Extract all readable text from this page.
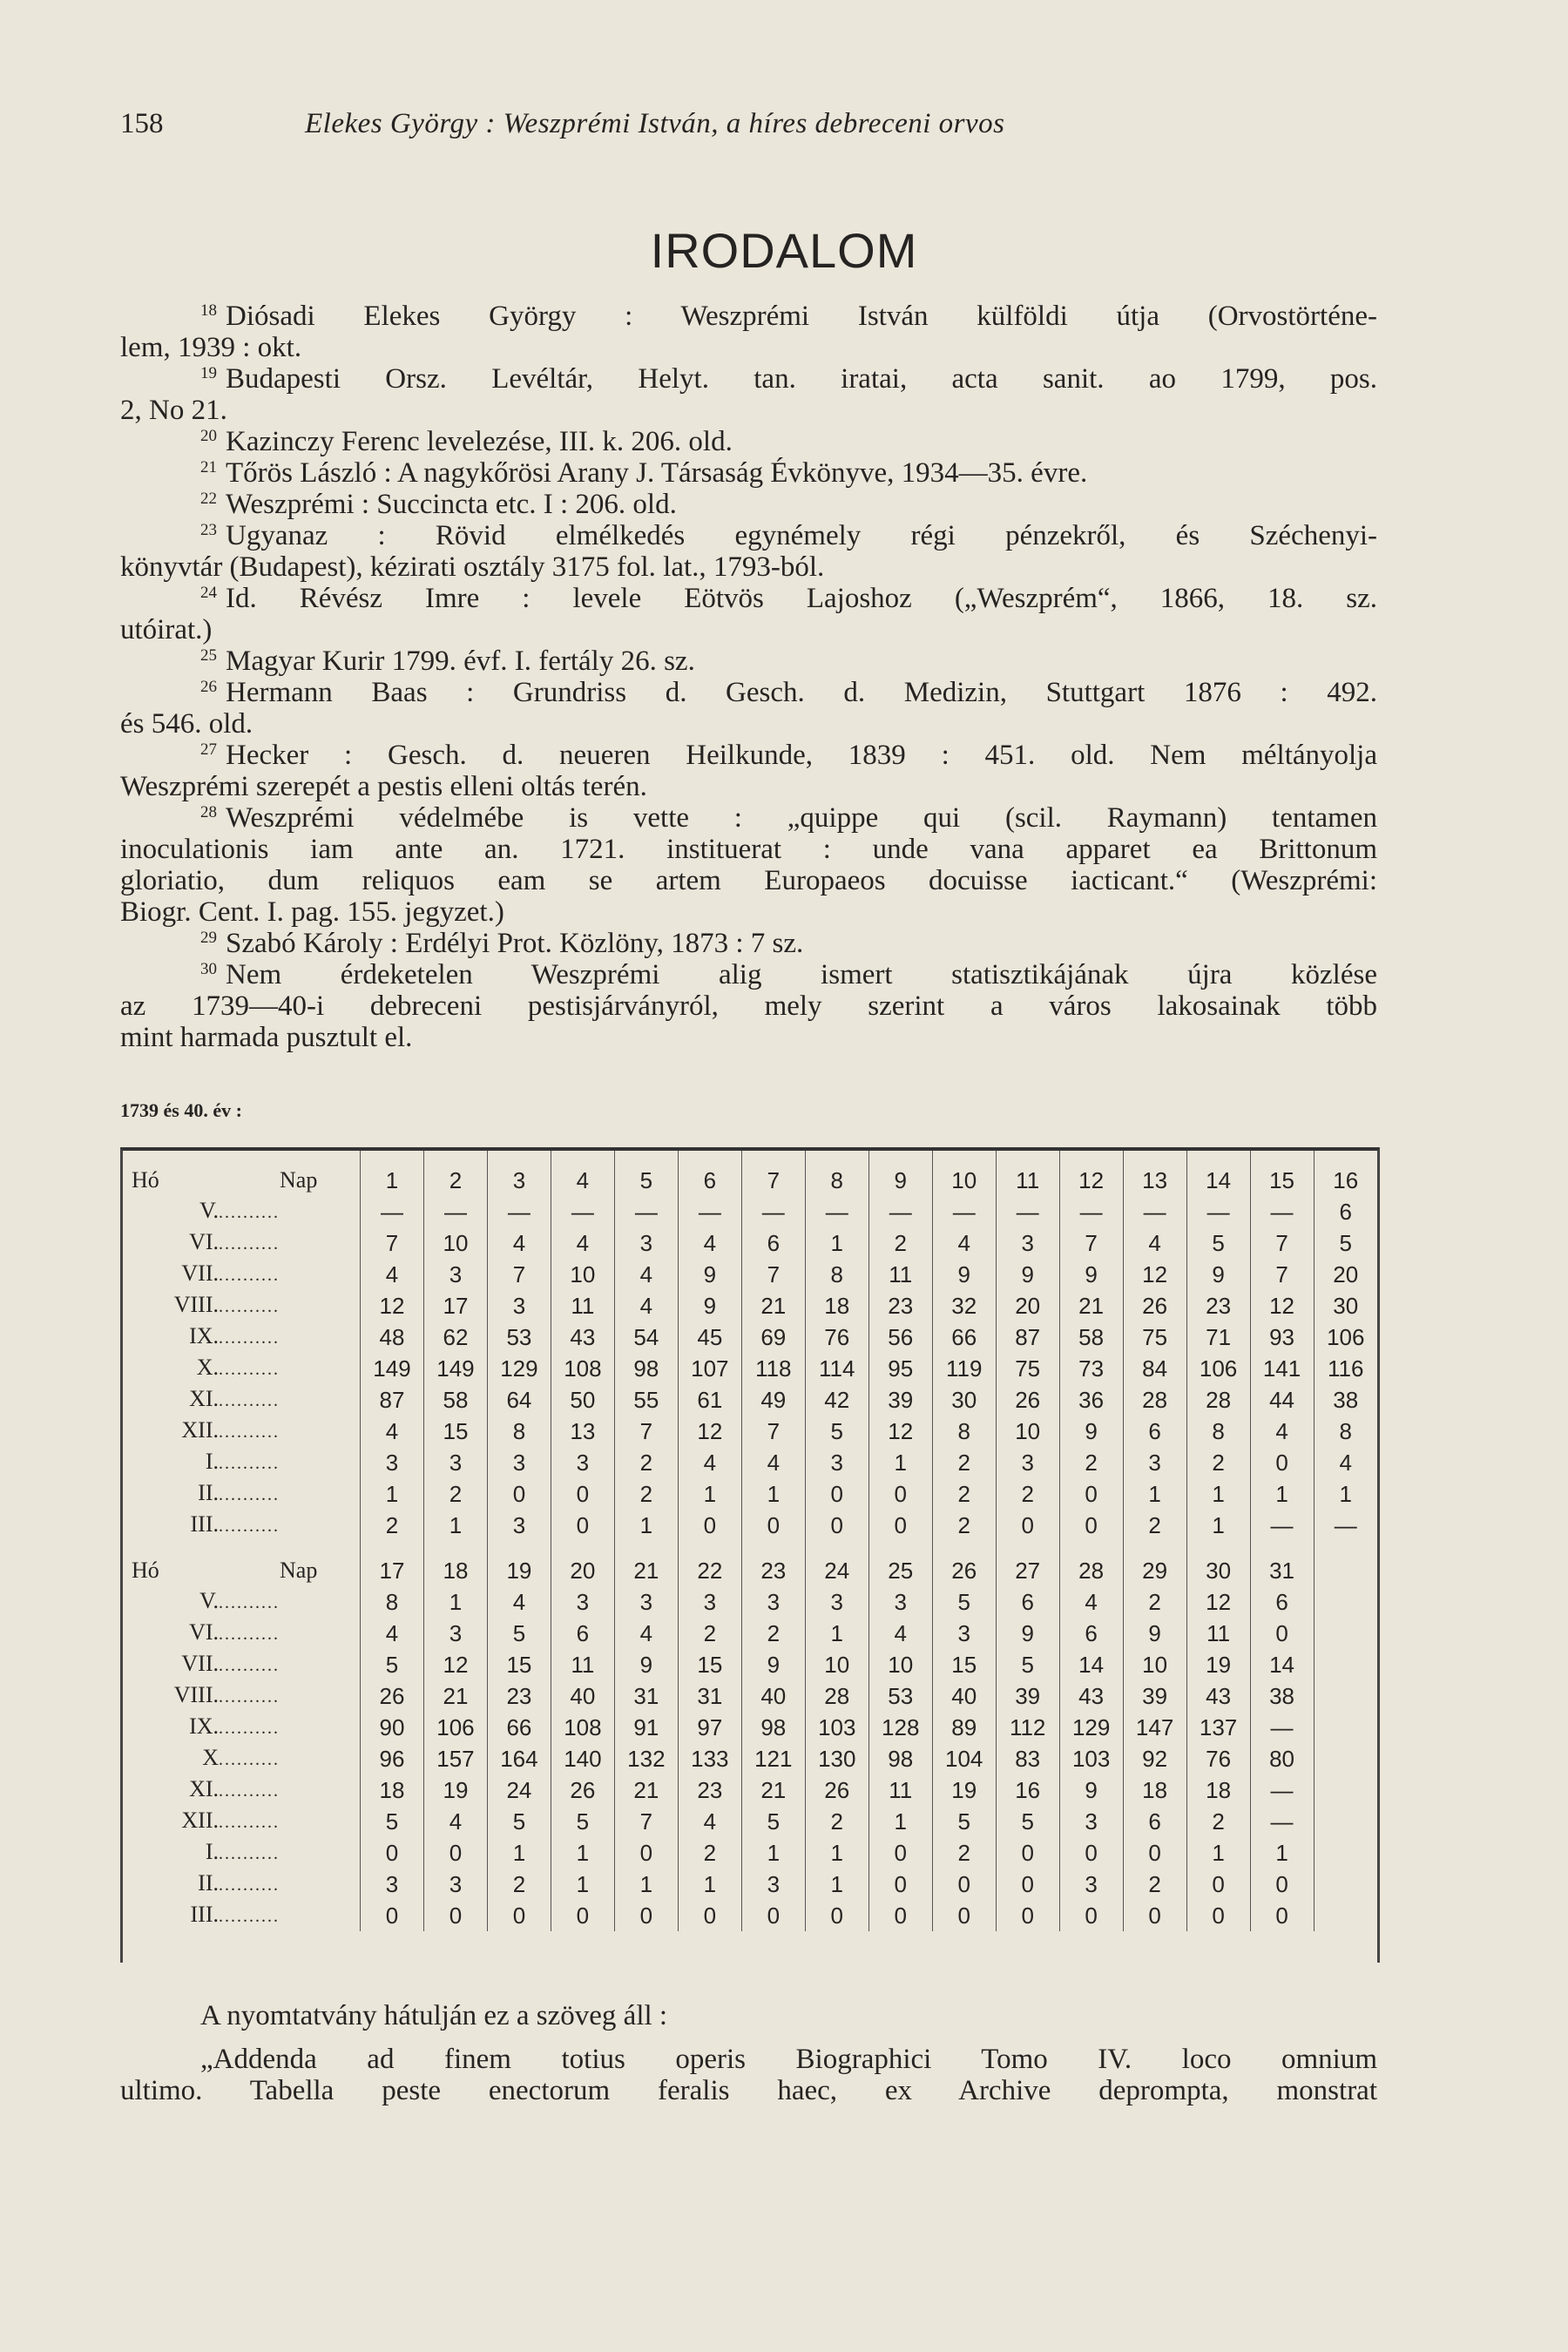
158	Elekes György : Weszprémi István, a híres debreceni orvos
IRODALOM
$^{18}$ Diósadi Elekes György : Weszprémi István külföldi útja (Orvostörténe-
lem, 1939 : okt.
$^{19}$ Budapesti Orsz. Levéltár, Helyt. tan. iratai, acta sanit. ao 1799, pos.
2, No 21.
$^{20}$ Kazinczy Ferenc levelezése, III. k. 206. old.
$^{21}$ Tőrös László : A nagykőrösi Arany J. Társaság Évkönyve, 1934—35. évre.
$^{22}$ Weszprémi : Succincta etc. I : 206. old.
$^{23}$ Ugyanaz : Rövid elmélkedés egynémely régi pénzekről, és Széchenyi-
könyvtár (Budapest), kézirati osztály 3175 fol. lat., 1793-ból.
$^{24}$ Id. Révész Imre : levele Eötvös Lajoshoz („Weszprém“, 1866, 18. sz.
utóirat.)
$^{25}$ Magyar Kurir 1799. évf. I. fertály 26. sz.
$^{26}$ Hermann Baas : Grundriss d. Gesch. d. Medizin, Stuttgart 1876 : 492.
és 546. old.
$^{27}$ Hecker : Gesch. d. neueren Heilkunde, 1839 : 451. old. Nem méltányolja
Weszprémi szerepét a pestis elleni oltás terén.
$^{28}$ Weszprémi védelmébe is vette : „quippe qui (scil. Raymann) tentamen
inoculationis iam ante an. 1721. instituerat : unde vana apparet ea Brittonum
gloriatio, dum reliquos eam se artem Europaeos docuisse iacticant.“ (Weszprémi:
Biogr. Cent. I. pag. 155. jegyzet.)
$^{29}$ Szabó Károly : Erdélyi Prot. Közlöny, 1873 : 7 sz.
$^{30}$ Nem érdeketelen Weszprémi alig ismert statisztikájának újra közlése
az 1739—40-i debreceni pestisjárványról, mely szerint a város lakosainak több
mint harmada pusztult el.
1739 és 40. év :
Hó Nap	1	2	3	4	5	6	7	8	9	10	11	12	13	14	15	16
V...........	—	—	—	—	—	—	—	—	—	—	—	—	—	—	—	6
VI...........	7	10	4	4	3	4	6	1	2	4	3	7	4	5	7	5
VII...........	4	3	7	10	4	9	7	8	11	9	9	9	12	9	7	20
VIII...........	12	17	3	11	4	9	21	18	23	32	20	21	26	23	12	30
IX...........	48	62	53	43	54	45	69	76	56	66	87	58	75	71	93	106
X...........	149	149	129	108	98	107	118	114	95	119	75	73	84	106	141	116
XI...........	87	58	64	50	55	61	49	42	39	30	26	36	28	28	44	38
XII...........	4	15	8	13	7	12	7	5	12	8	10	9	6	8	4	8
I...........	3	3	3	3	2	4	4	3	1	2	3	2	3	2	0	4
II...........	1	2	0	0	2	1	1	0	0	2	2	0	1	1	1	1
III...........	2	1	3	0	1	0	0	0	0	2	0	0	2	1	—	—
Hó Nap	17	18	19	20	21	22	23	24	25	26	27	28	29	30	31	
V...........	8	1	4	3	3	3	3	3	3	5	6	4	2	12	6	
VI...........	4	3	5	6	4	2	2	1	4	3	9	6	9	11	0	
VII...........	5	12	15	11	9	15	9	10	10	15	5	14	10	19	14	
VIII...........	26	21	23	40	31	31	40	28	53	40	39	43	39	43	38	
IX...........	90	106	66	108	91	97	98	103	128	89	112	129	147	137	—	
X..........	96	157	164	140	132	133	121	130	98	104	83	103	92	76	80	
XI...........	18	19	24	26	21	23	21	26	11	19	16	9	18	18	—	
XII...........	5	4	5	5	7	4	5	2	1	5	5	3	6	2	—	
I...........	0	0	1	1	0	2	1	1	0	2	0	0	0	1	1	
II...........	3	3	2	1	1	1	3	1	0	0	0	3	2	0	0	
III...........	0	0	0	0	0	0	0	0	0	0	0	0	0	0	0	
A nyomtatvány hátulján ez a szöveg áll :
„Addenda ad finem totius operis Biographici Tomo IV. loco omnium
ultimo. Tabella peste enectorum feralis haec, ex Archive deprompta, monstrat
